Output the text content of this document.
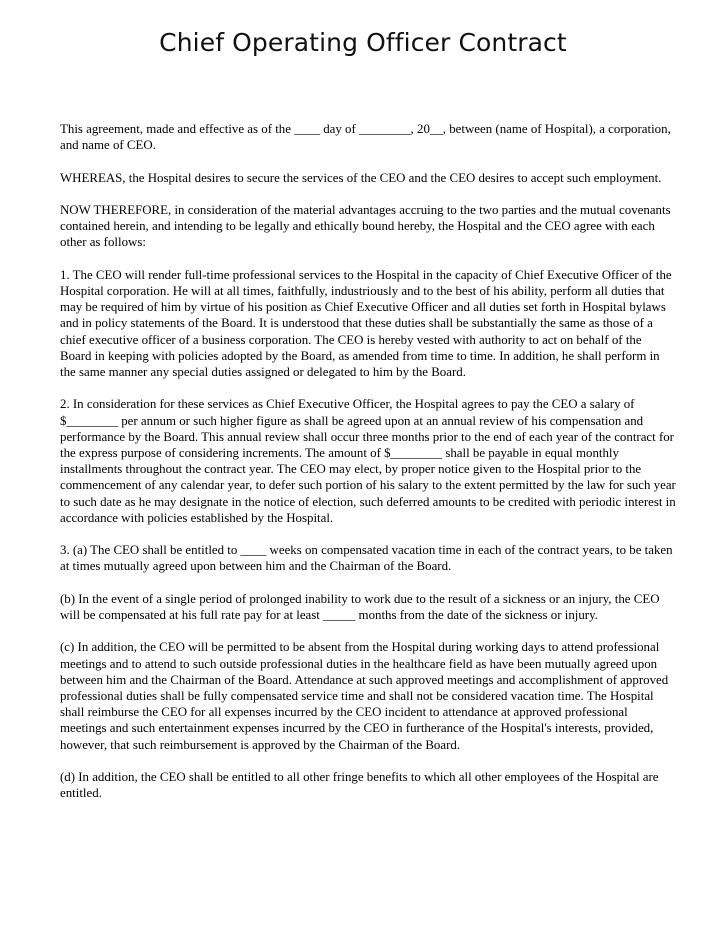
Chief Operating Officer Contract

This agreement, made and effective as of the ____ day of ________, 20__, between (name of Hospital), a corporation, and name of CEO.

WHEREAS, the Hospital desires to secure the services of the CEO and the CEO desires to accept such employment.

NOW THEREFORE, in consideration of the material advantages accruing to the two parties and the mutual covenants contained herein, and intending to be legally and ethically bound hereby, the Hospital and the CEO agree with each other as follows:

1. The CEO will render full-time professional services to the Hospital in the capacity of Chief Executive Officer of the Hospital corporation. He will at all times, faithfully, industriously and to the best of his ability, perform all duties that may be required of him by virtue of his position as Chief Executive Officer and all duties set forth in Hospital bylaws and in policy statements of the Board. It is understood that these duties shall be substantially the same as those of a chief executive officer of a business corporation. The CEO is hereby vested with authority to act on behalf of the Board in keeping with policies adopted by the Board, as amended from time to time. In addition, he shall perform in the same manner any special duties assigned or delegated to him by the Board.

2. In consideration for these services as Chief Executive Officer, the Hospital agrees to pay the CEO a salary of $________ per annum or such higher figure as shall be agreed upon at an annual review of his compensation and performance by the Board. This annual review shall occur three months prior to the end of each year of the contract for the express purpose of considering increments. The amount of $________ shall be payable in equal monthly installments throughout the contract year. The CEO may elect, by proper notice given to the Hospital prior to the commencement of any calendar year, to defer such portion of his salary to the extent permitted by the law for such year to such date as he may designate in the notice of election, such deferred amounts to be credited with periodic interest in accordance with policies established by the Hospital.

3. (a) The CEO shall be entitled to ____ weeks on compensated vacation time in each of the contract years, to be taken at times mutually agreed upon between him and the Chairman of the Board.

(b) In the event of a single period of prolonged inability to work due to the result of a sickness or an injury, the CEO will be compensated at his full rate pay for at least _____ months from the date of the sickness or injury.

(c) In addition, the CEO will be permitted to be absent from the Hospital during working days to attend professional meetings and to attend to such outside professional duties in the healthcare field as have been mutually agreed upon between him and the Chairman of the Board. Attendance at such approved meetings and accomplishment of approved professional duties shall be fully compensated service time and shall not be considered vacation time. The Hospital shall reimburse the CEO for all expenses incurred by the CEO incident to attendance at approved professional meetings and such entertainment expenses incurred by the CEO in furtherance of the Hospital's interests, provided, however, that such reimbursement is approved by the Chairman of the Board.

(d) In addition, the CEO shall be entitled to all other fringe benefits to which all other employees of the Hospital are entitled.
